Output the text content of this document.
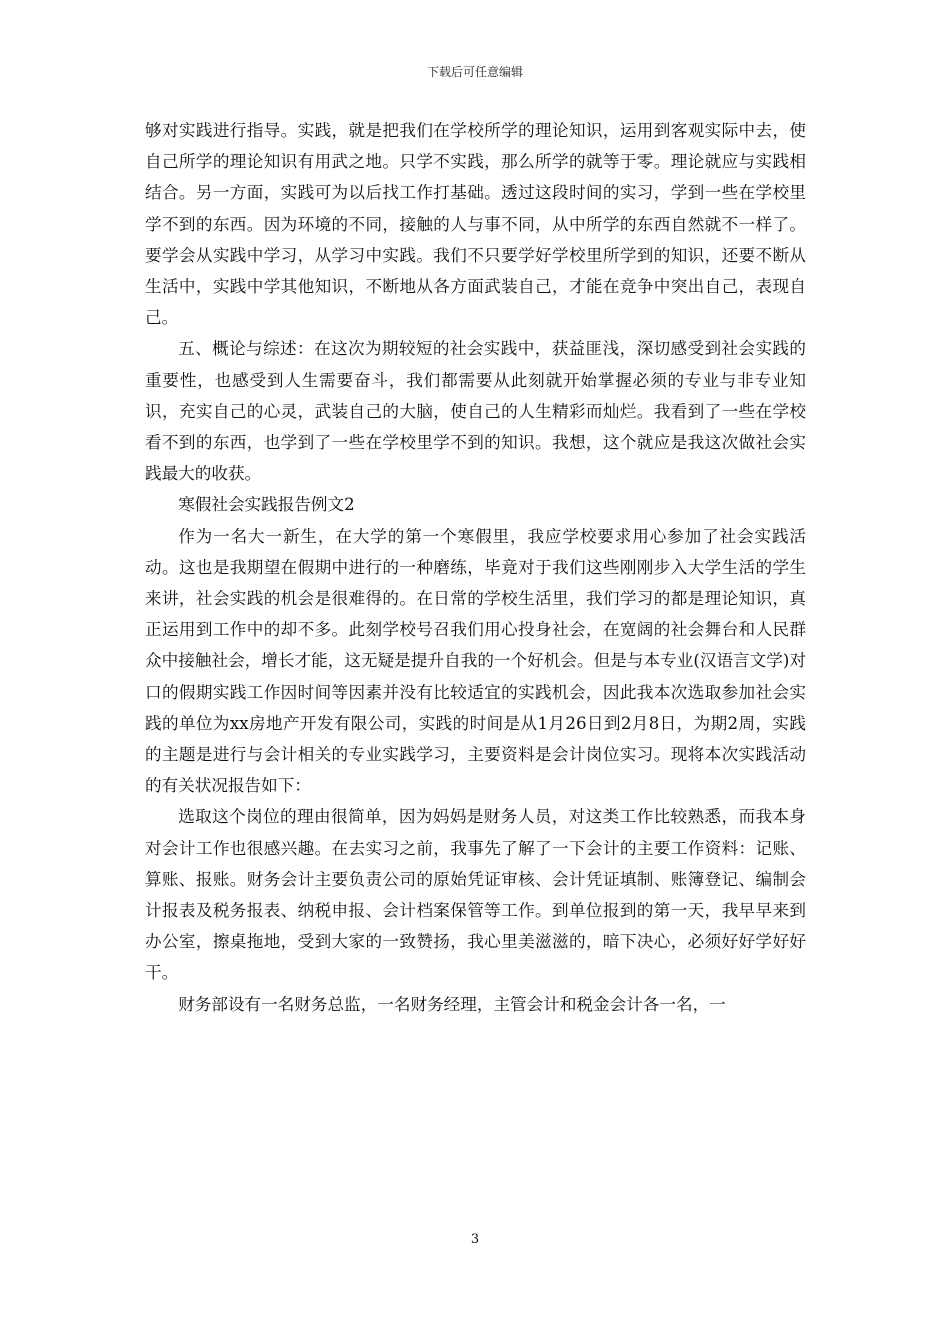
下载后可任意编辑

够对实践进行指导。实践，就是把我们在学校所学的理论知识，运用到客观实际中去，使自己所学的理论知识有用武之地。只学不实践，那么所学的就等于零。理论就应与实践相结合。另一方面，实践可为以后找工作打基础。透过这段时间的实习，学到一些在学校里学不到的东西。因为环境的不同，接触的人与事不同，从中所学的东西自然就不一样了。要学会从实践中学习，从学习中实践。我们不只要学好学校里所学到的知识，还要不断从生活中，实践中学其他知识，不断地从各方面武装自己，才能在竞争中突出自己，表现自己。

五、概论与综述：在这次为期较短的社会实践中，获益匪浅，深切感受到社会实践的重要性，也感受到人生需要奋斗，我们都需要从此刻就开始掌握必须的专业与非专业知识，充实自己的心灵，武装自己的大脑，使自己的人生精彩而灿烂。我看到了一些在学校看不到的东西，也学到了一些在学校里学不到的知识。我想，这个就应是我这次做社会实践最大的收获。

寒假社会实践报告例文2

作为一名大一新生，在大学的第一个寒假里，我应学校要求用心参加了社会实践活动。这也是我期望在假期中进行的一种磨练，毕竟对于我们这些刚刚步入大学生活的学生来讲，社会实践的机会是很难得的。在日常的学校生活里，我们学习的都是理论知识，真正运用到工作中的却不多。此刻学校号召我们用心投身社会，在宽阔的社会舞台和人民群众中接触社会，增长才能，这无疑是提升自我的一个好机会。但是与本专业(汉语言文学)对口的假期实践工作因时间等因素并没有比较适宜的实践机会，因此我本次选取参加社会实践的单位为xx房地产开发有限公司，实践的时间是从1月26日到2月8日，为期2周，实践的主题是进行与会计相关的专业实践学习，主要资料是会计岗位实习。现将本次实践活动的有关状况报告如下：

选取这个岗位的理由很简单，因为妈妈是财务人员，对这类工作比较熟悉，而我本身对会计工作也很感兴趣。在去实习之前，我事先了解了一下会计的主要工作资料：记账、算账、报账。财务会计主要负责公司的原始凭证审核、会计凭证填制、账簿登记、编制会计报表及税务报表、纳税申报、会计档案保管等工作。到单位报到的第一天，我早早来到办公室，擦桌拖地，受到大家的一致赞扬，我心里美滋滋的，暗下决心，必须好好学好好干。

财务部设有一名财务总监，一名财务经理，主管会计和税金会计各一名，一

3
